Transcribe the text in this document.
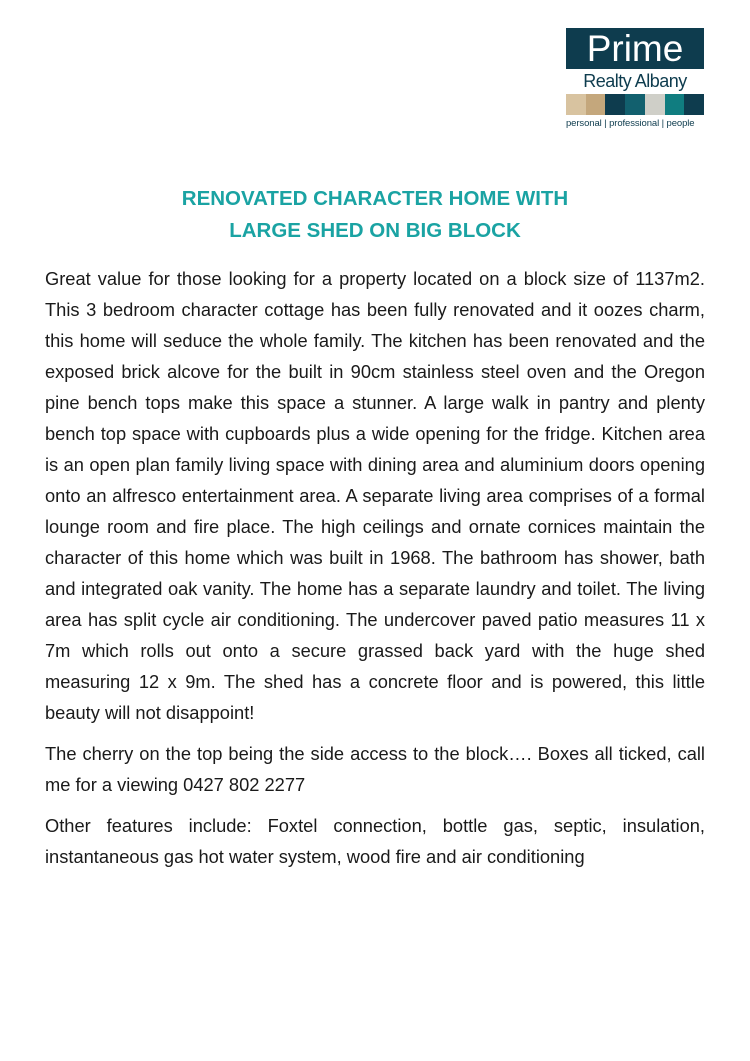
Prime
Realty Albany
personal | professional | people
RENOVATED CHARACTER HOME WITH
LARGE SHED ON BIG BLOCK

Great value for those looking for a property located on a block size of 1137m2. This 3 bedroom character cottage has been fully renovated and it oozes charm, this home will seduce the whole family. The kitchen has been renovated and the exposed brick alcove for the built in 90cm stainless steel oven and the Oregon pine bench tops make this space a stunner. A large walk in pantry and plenty bench top space with cupboards plus a wide opening for the fridge. Kitchen area is an open plan family living space with dining area and aluminium doors opening onto an alfresco entertainment area. A separate living area comprises of a formal lounge room and fire place. The high ceilings and ornate cornices maintain the character of this home which was built in 1968. The bathroom has shower, bath and integrated oak vanity. The home has a separate laundry and toilet. The living area has split cycle air conditioning. The undercover paved patio measures 11 x 7m which rolls out onto a secure grassed back yard with the huge shed measuring 12 x 9m. The shed has a concrete floor and is powered, this little beauty will not disappoint!

The cherry on the top being the side access to the block…. Boxes all ticked, call me for a viewing 0427 802 2277

Other features include: Foxtel connection, bottle gas, septic, insulation, instantaneous gas hot water system, wood fire and air conditioning
